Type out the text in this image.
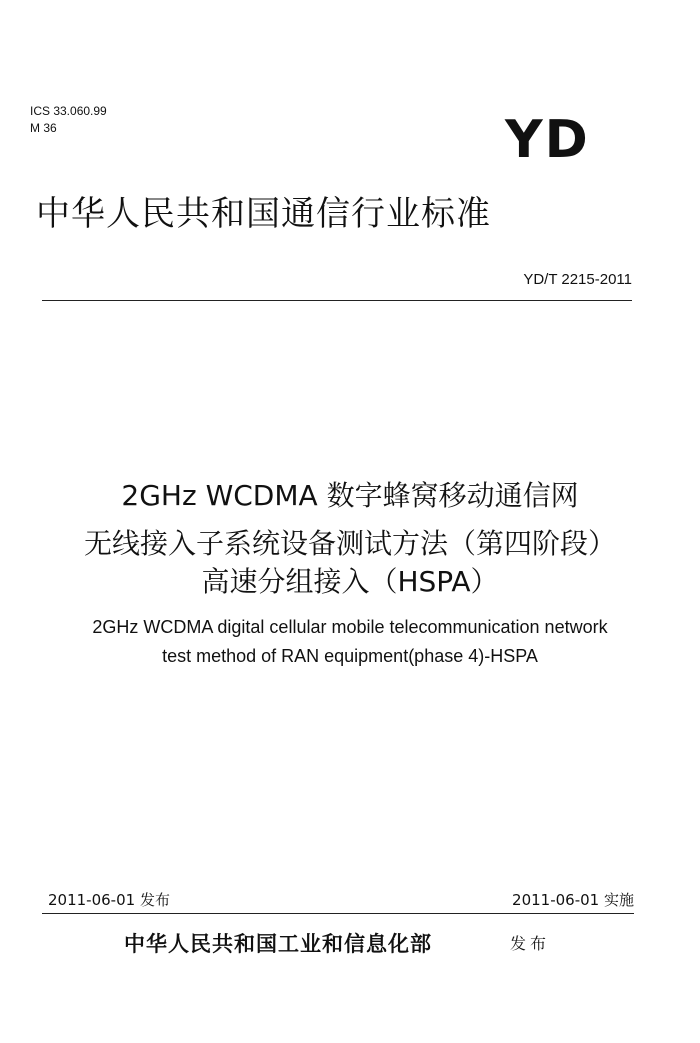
ICS 33.060.99
M 36	YD
中华人民共和国通信行业标准
YD/T 2215-2011
2GHz WCDMA 数字蜂窝移动通信网
无线接入子系统设备测试方法（第四阶段）
高速分组接入（HSPA）
2GHz WCDMA digital cellular mobile telecommunication network
test method of RAN equipment(phase 4)-HSPA
2011-06-01 发布	2011-06-01 实施
中华人民共和国工业和信息化部	发布
